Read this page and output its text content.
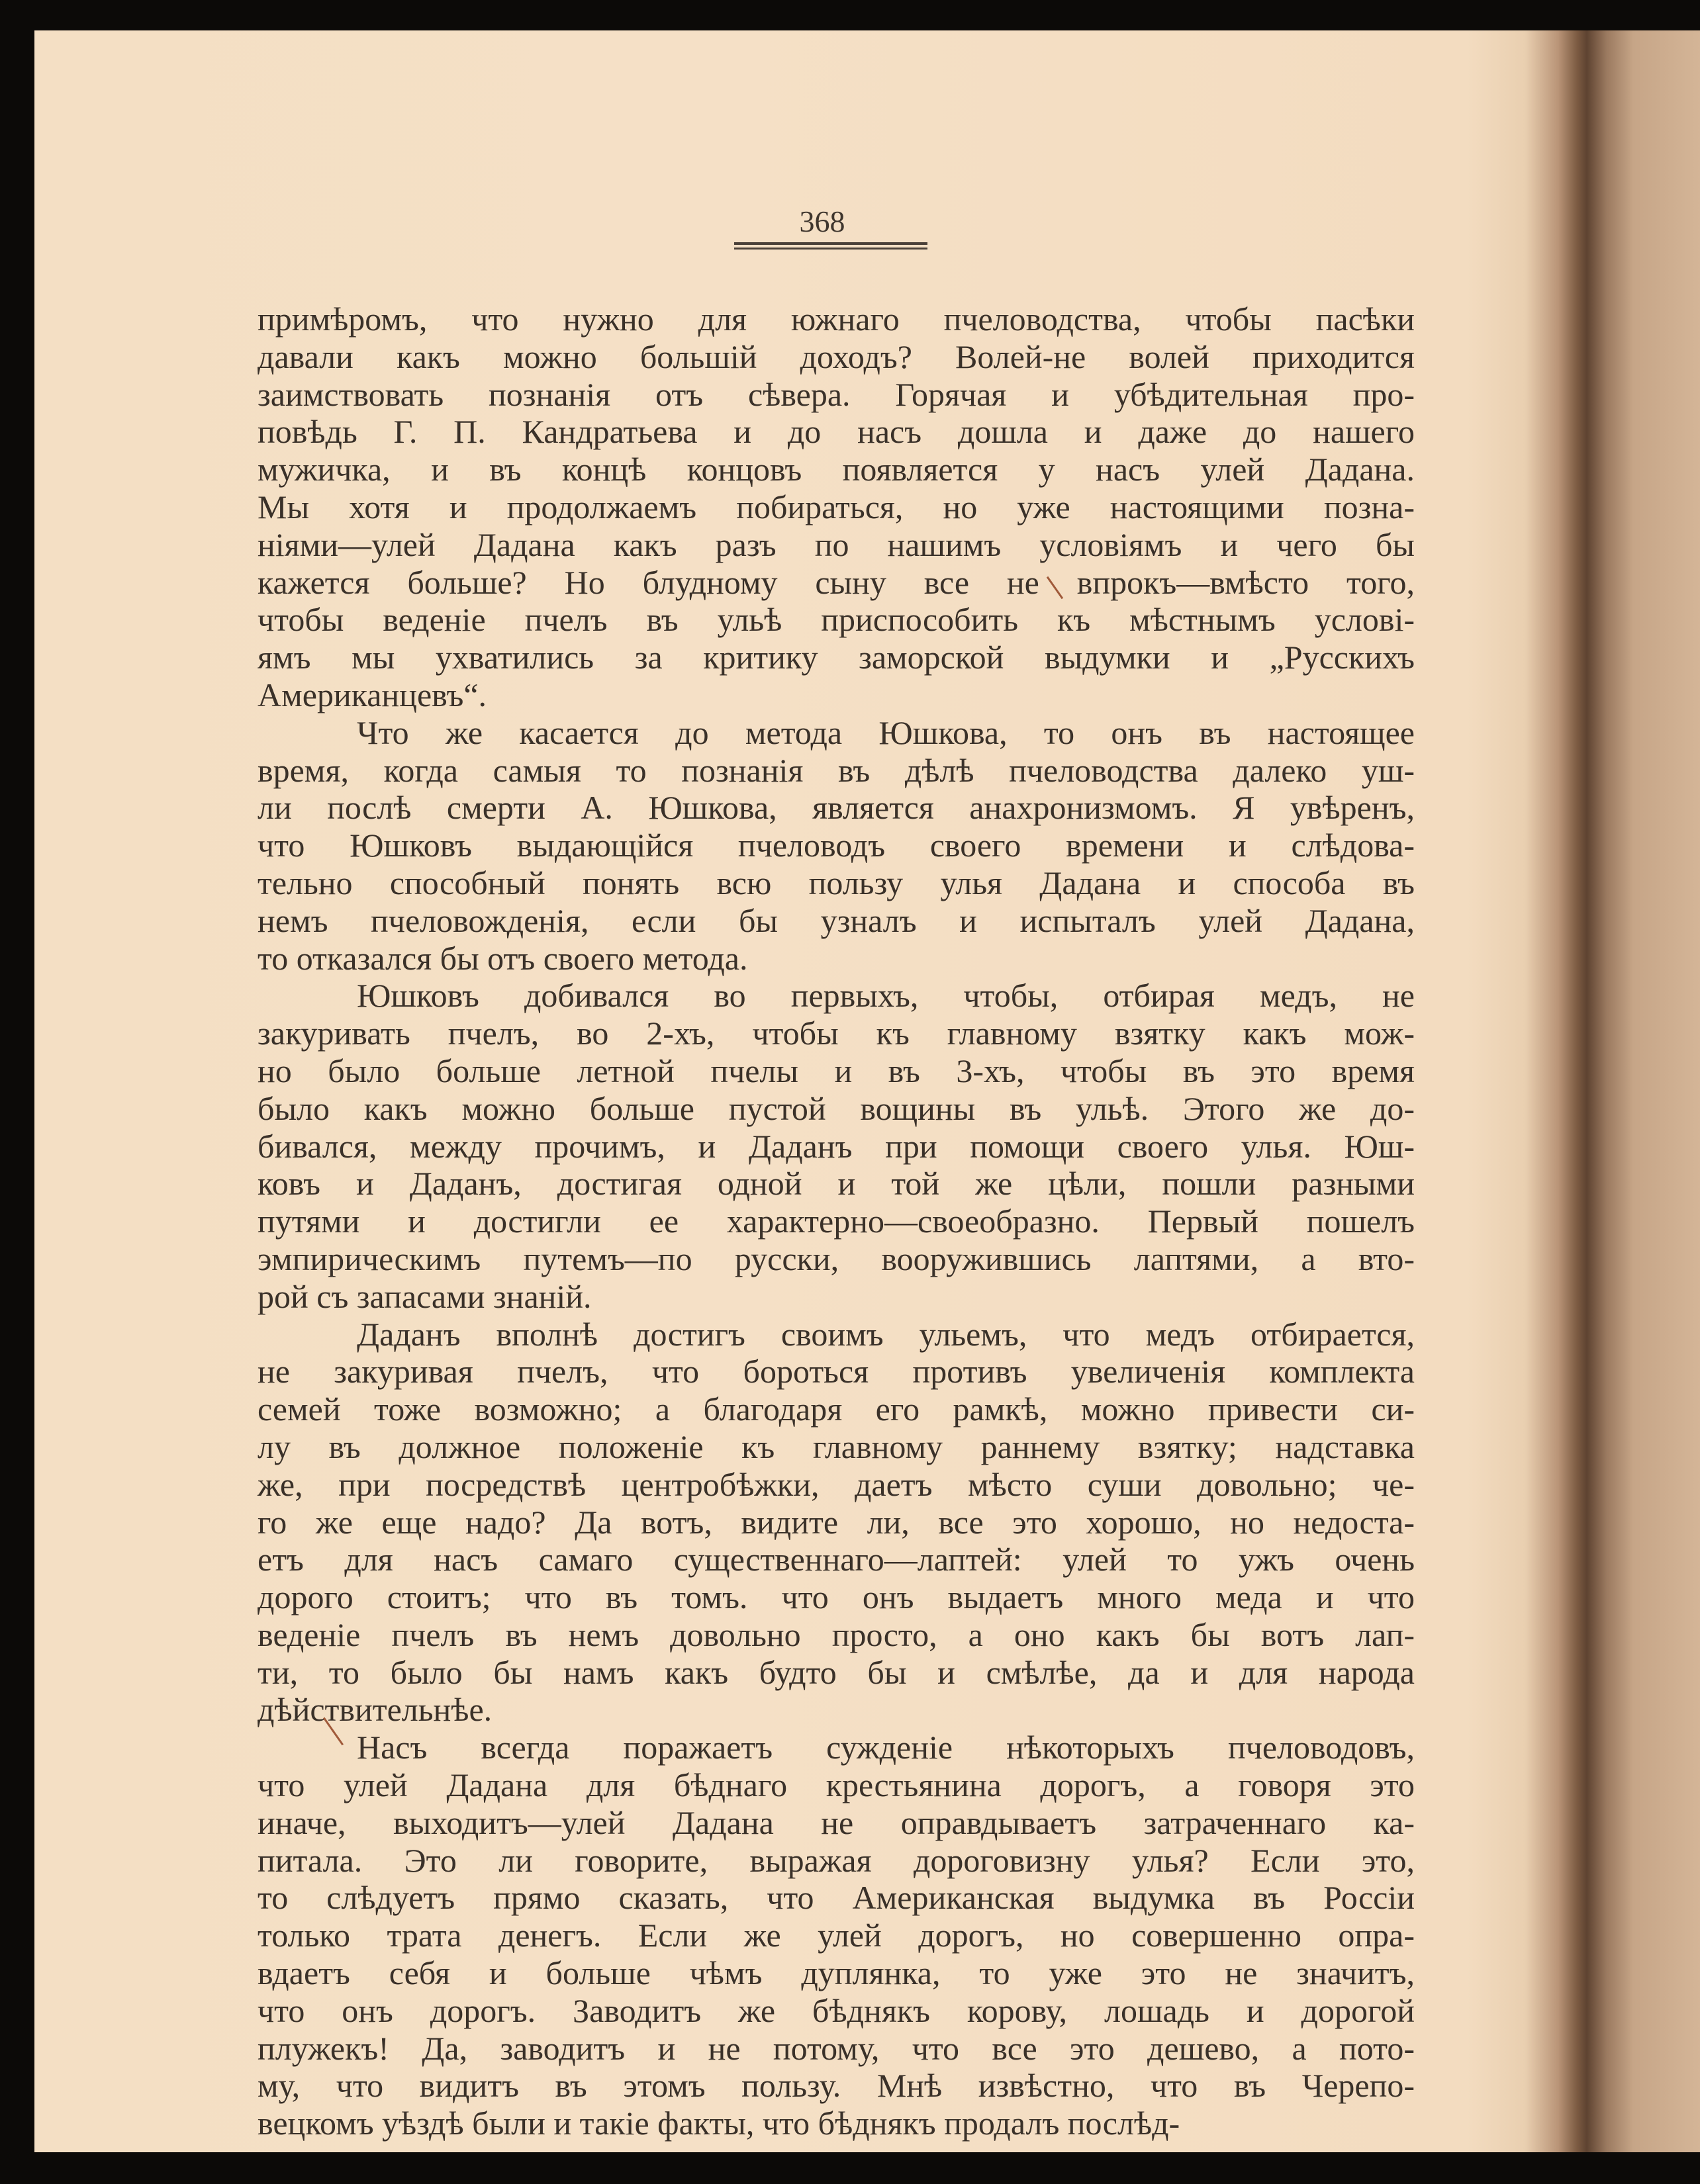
368
примѣромъ, что нужно для южнаго пчеловодства, чтобы пасѣки
давали какъ можно большій доходъ? Волей-не волей приходится
заимствовать познанія отъ сѣвера. Горячая и убѣдительная про-
повѣдь Г. П. Кандратьева и до насъ дошла и даже до нашего
мужичка, и въ концѣ концовъ появляется у насъ улей Дадана.
Мы хотя и продолжаемъ побираться, но уже настоящими позна-
ніями—улей Дадана какъ разъ по нашимъ условіямъ и чего бы
кажется больше? Но блудному сыну все не впрокъ—вмѣсто того,
чтобы веденіе пчелъ въ ульѣ приспособить къ мѣстнымъ услові-
ямъ мы ухватились за критику заморской выдумки и „Русскихъ
Американцевъ“.
Что же касается до метода Юшкова, то онъ въ настоящее
время, когда самыя то познанія въ дѣлѣ пчеловодства далеко уш-
ли послѣ смерти А. Юшкова, является анахронизмомъ. Я увѣренъ,
что Юшковъ выдающійся пчеловодъ своего времени и слѣдова-
тельно способный понять всю пользу улья Дадана и способа въ
немъ пчеловожденія, если бы узналъ и испыталъ улей Дадана,
то отказался бы отъ своего метода.
Юшковъ добивался во первыхъ, чтобы, отбирая медъ, не
закуривать пчелъ, во 2-хъ, чтобы къ главному взятку какъ мож-
но было больше летной пчелы и въ 3-хъ, чтобы въ это время
было какъ можно больше пустой вощины въ ульѣ. Этого же до-
бивался, между прочимъ, и Даданъ при помощи своего улья. Юш-
ковъ и Даданъ, достигая одной и той же цѣли, пошли разными
путями и достигли ее характерно—своеобразно. Первый пошелъ
эмпирическимъ путемъ—по русски, вооружившись лаптями, а вто-
рой съ запасами знаній.
Даданъ вполнѣ достигъ своимъ ульемъ, что медъ отбирается,
не закуривая пчелъ, что бороться противъ увеличенія комплекта
семей тоже возможно; а благодаря его рамкѣ, можно привести си-
лу въ должное положеніе къ главному раннему взятку; надставка
же, при посредствѣ центробѣжки, даетъ мѣсто суши довольно; че-
го же еще надо? Да вотъ, видите ли, все это хорошо, но недоста-
етъ для насъ самаго существеннаго—лаптей: улей то ужъ очень
дорого стоитъ; что въ томъ. что онъ выдаетъ много меда и что
веденіе пчелъ въ немъ довольно просто, а оно какъ бы вотъ лап-
ти, то было бы намъ какъ будто бы и смѣлѣе, да и для народа
дѣйствительнѣе.
Насъ всегда поражаетъ сужденіе нѣкоторыхъ пчеловодовъ,
что улей Дадана для бѣднаго крестьянина дорогъ, а говоря это
иначе, выходитъ—улей Дадана не оправдываетъ затраченнаго ка-
питала. Это ли говорите, выражая дороговизну улья? Если это,
то слѣдуетъ прямо сказать, что Американская выдумка въ Россіи
только трата денегъ. Если же улей дорогъ, но совершенно опра-
вдаетъ себя и больше чѣмъ дуплянка, то уже это не значитъ,
что онъ дорогъ. Заводитъ же бѣднякъ корову, лошадь и дорогой
плужекъ! Да, заводитъ и не потому, что все это дешево, а пото-
му, что видитъ въ этомъ пользу. Мнѣ извѣстно, что въ Черепо-
вецкомъ уѣздѣ были и такіе факты, что бѣднякъ продалъ послѣд-
